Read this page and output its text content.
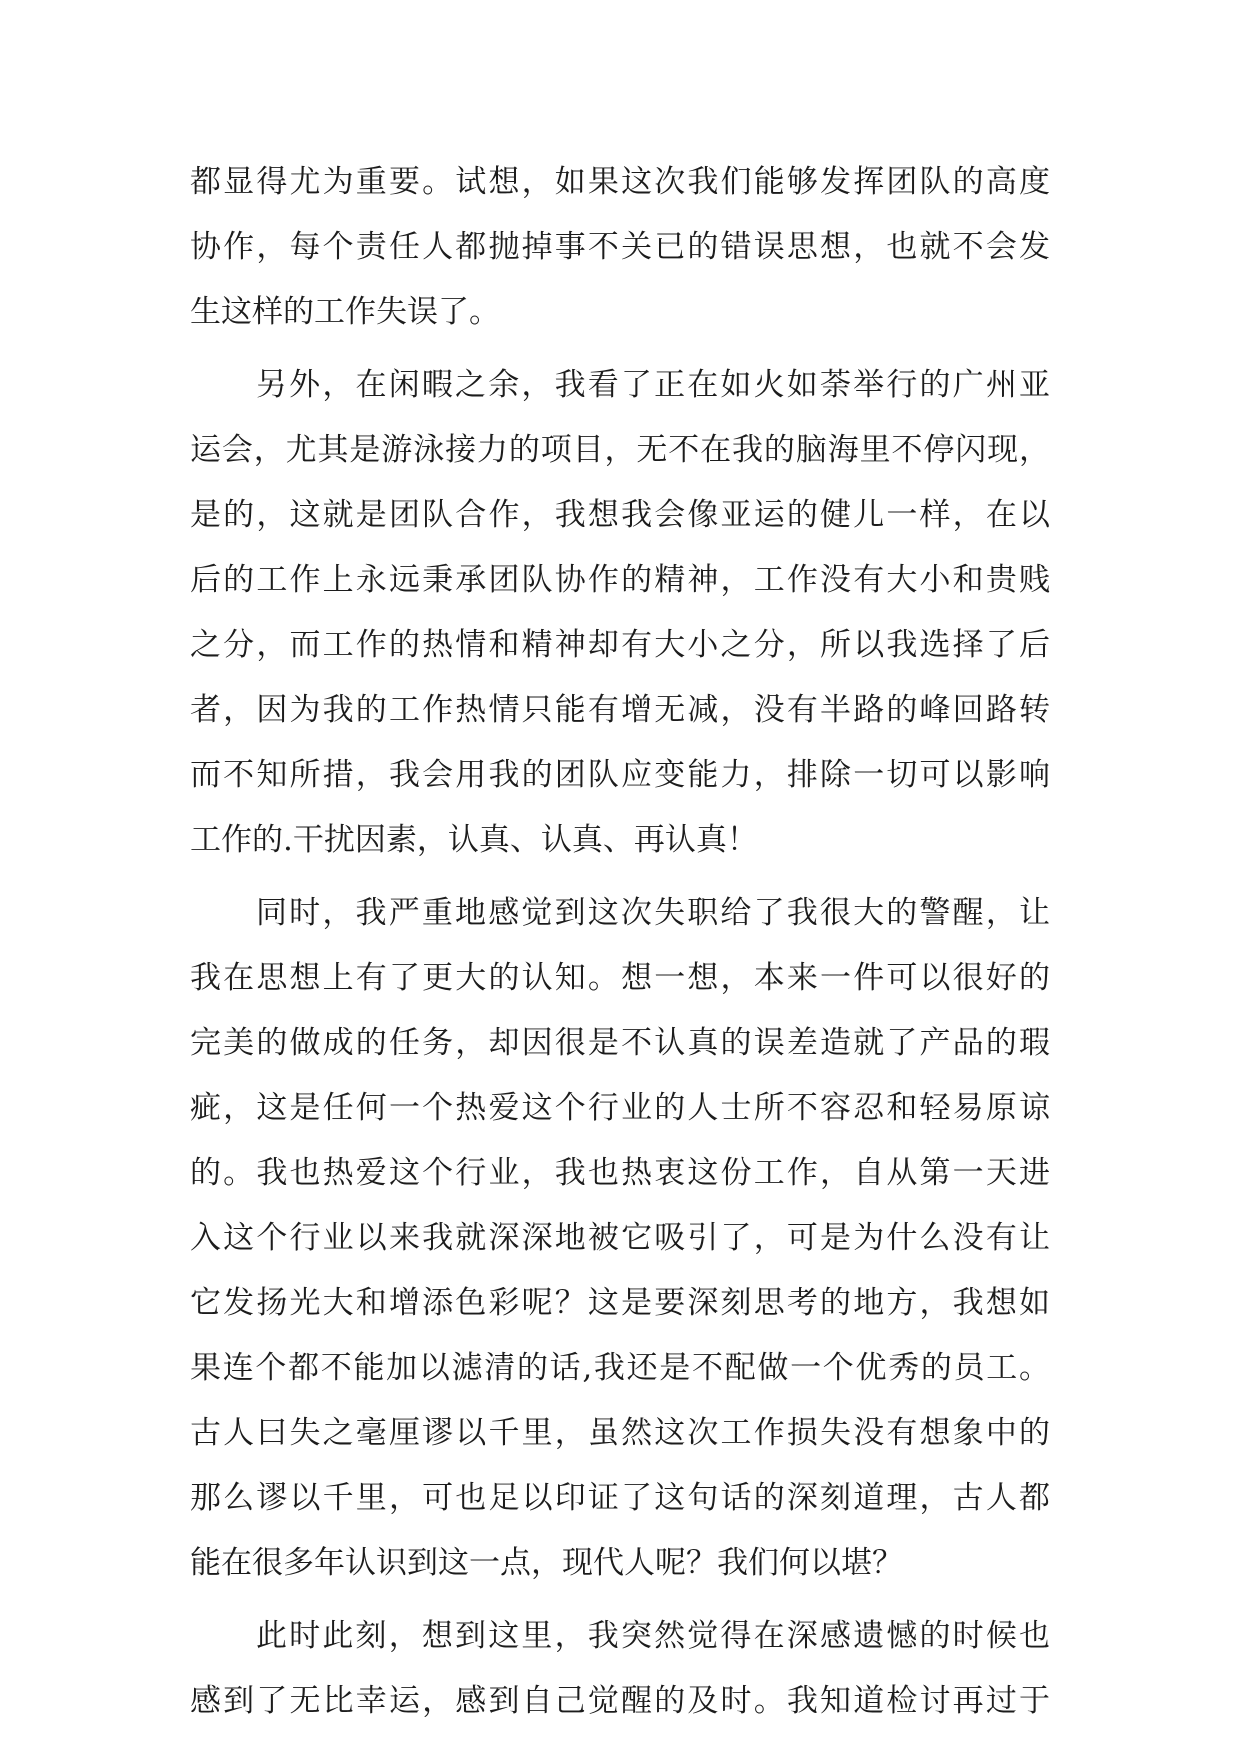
都显得尤为重要。试想，如果这次我们能够发挥团队的高度
协作，每个责任人都抛掉事不关已的错误思想，也就不会发
生这样的工作失误了。
另外，在闲暇之余，我看了正在如火如荼举行的广州亚
运会，尤其是游泳接力的项目，无不在我的脑海里不停闪现，
是的，这就是团队合作，我想我会像亚运的健儿一样，在以
后的工作上永远秉承团队协作的精神，工作没有大小和贵贱
之分，而工作的热情和精神却有大小之分，所以我选择了后
者，因为我的工作热情只能有增无减，没有半路的峰回路转
而不知所措，我会用我的团队应变能力，排除一切可以影响
工作的.干扰因素，认真、认真、再认真！
同时，我严重地感觉到这次失职给了我很大的警醒，让
我在思想上有了更大的认知。想一想，本来一件可以很好的
完美的做成的任务，却因很是不认真的误差造就了产品的瑕
疵，这是任何一个热爱这个行业的人士所不容忍和轻易原谅
的。我也热爱这个行业，我也热衷这份工作，自从第一天进
入这个行业以来我就深深地被它吸引了，可是为什么没有让
它发扬光大和增添色彩呢？这是要深刻思考的地方，我想如
果连个都不能加以滤清的话,我还是不配做一个优秀的员工。
古人曰失之毫厘谬以千里，虽然这次工作损失没有想象中的
那么谬以千里，可也足以印证了这句话的深刻道理，古人都
能在很多年认识到这一点，现代人呢？我们何以堪？
此时此刻，想到这里，我突然觉得在深感遗憾的时候也
感到了无比幸运，感到自己觉醒的及时。我知道检讨再过于
